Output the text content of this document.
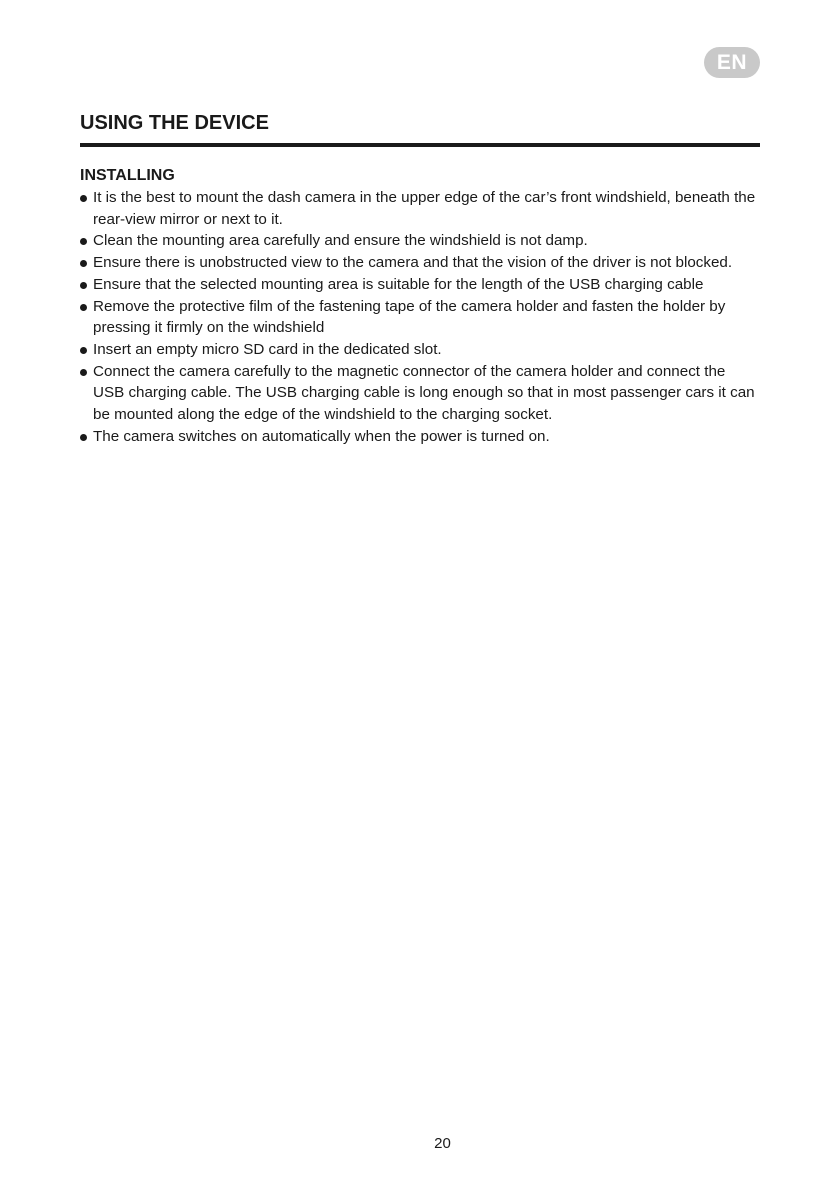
EN
USING THE DEVICE
INSTALLING
It is the best to mount the dash camera in the upper edge of the car’s front windshield, beneath the rear-view mirror or next to it.
Clean the mounting area carefully and ensure the windshield is not damp.
Ensure there is unobstructed view to the camera and that the vision of the driver is not blocked.
Ensure that the selected mounting area is suitable for the length of the USB charging cable
Remove the protective film of the fastening tape of the camera holder and fasten the holder by pressing it firmly on the windshield
Insert an empty micro SD card in the dedicated slot.
Connect the camera carefully to the magnetic connector of the camera holder and connect the USB charging cable. The USB charging cable is long enough so that in most passenger cars it can be mounted along the edge of the windshield to the charging socket.
The camera switches on automatically when the power is turned on.
20
